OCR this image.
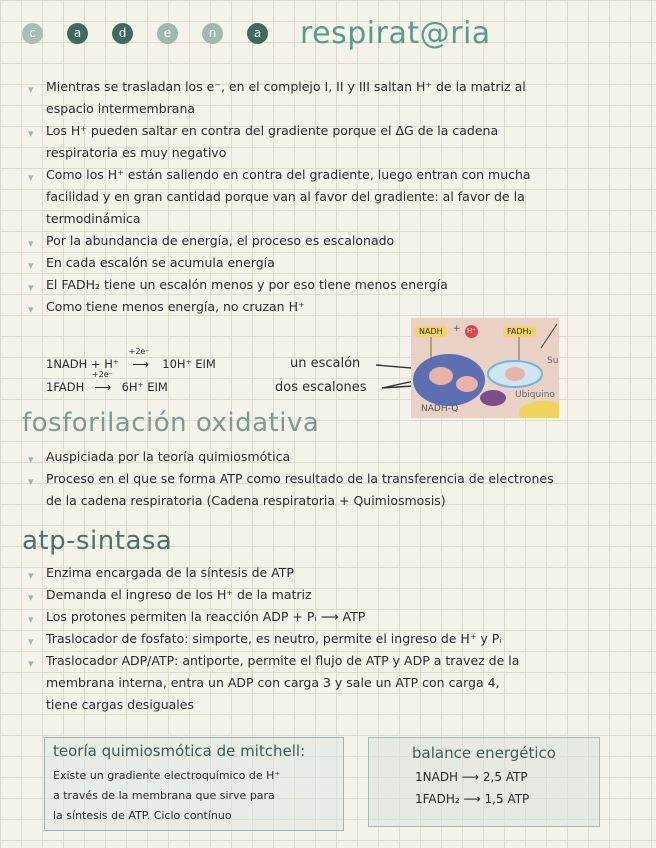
c	a	d	e	n	a respirat@ria
▾ Mientras se trasladan los e⁻, en el complejo I, II y III saltan H⁺ de la matriz al
espacio intermembrana
▾ Los H⁺ pueden saltar en contra del gradiente porque el ΔG de la cadena
respiratoria es muy negativo
▾ Como los H⁺ están saliendo en contra del gradiente, luego entran con mucha
facilidad y en gran cantidad porque van al favor del gradiente: al favor de la
termodinámica
▾ Por la abundancia de energía, el proceso es escalonado
▾ En cada escalón se acumula energía
▾ El FADH₂ tiene un escalón menos y por eso tiene menos energía
▾ Como tiene menos energía, no cruzan H⁺
1NADH + H⁺
+2e⁻
⟶ 10H⁺ EIM
1FADH
+2e⁻
⟶ 6H⁺ EIM
un escalón
dos escalones
NADH	+ H⁺	FADH₂
Su
Ubiquino
NADH-Q
fosforilación oxidativa
▾ Auspiciada por la teoría quimiosmótica
▾ Proceso en el que se forma ATP como resultado de la transferencia de electrones
de la cadena respiratoria (Cadena respiratoria + Quimiosmosis)
atp-sintasa
▾ Enzima encargada de la síntesis de ATP
▾ Demanda el ingreso de los H⁺ de la matriz
▾ Los protones permiten la reacción ADP + Pᵢ ⟶ ATP
▾ Traslocador de fosfato: simporte, es neutro, permite el ingreso de H⁺ y Pᵢ
▾ Traslocador ADP/ATP: antiporte, permite el flujo de ATP y ADP a travez de la
membrana interna, entra un ADP con carga 3 y sale un ATP con carga 4,
tiene cargas desiguales
teoría quimiosmótica de mitchell:
Existe un gradiente electroquímico de H⁺
a través de la membrana que sirve para
la síntesis de ATP. Ciclo contínuo
balance energético
1NADH ⟶ 2,5 ATP
1FADH₂ ⟶ 1,5 ATP
